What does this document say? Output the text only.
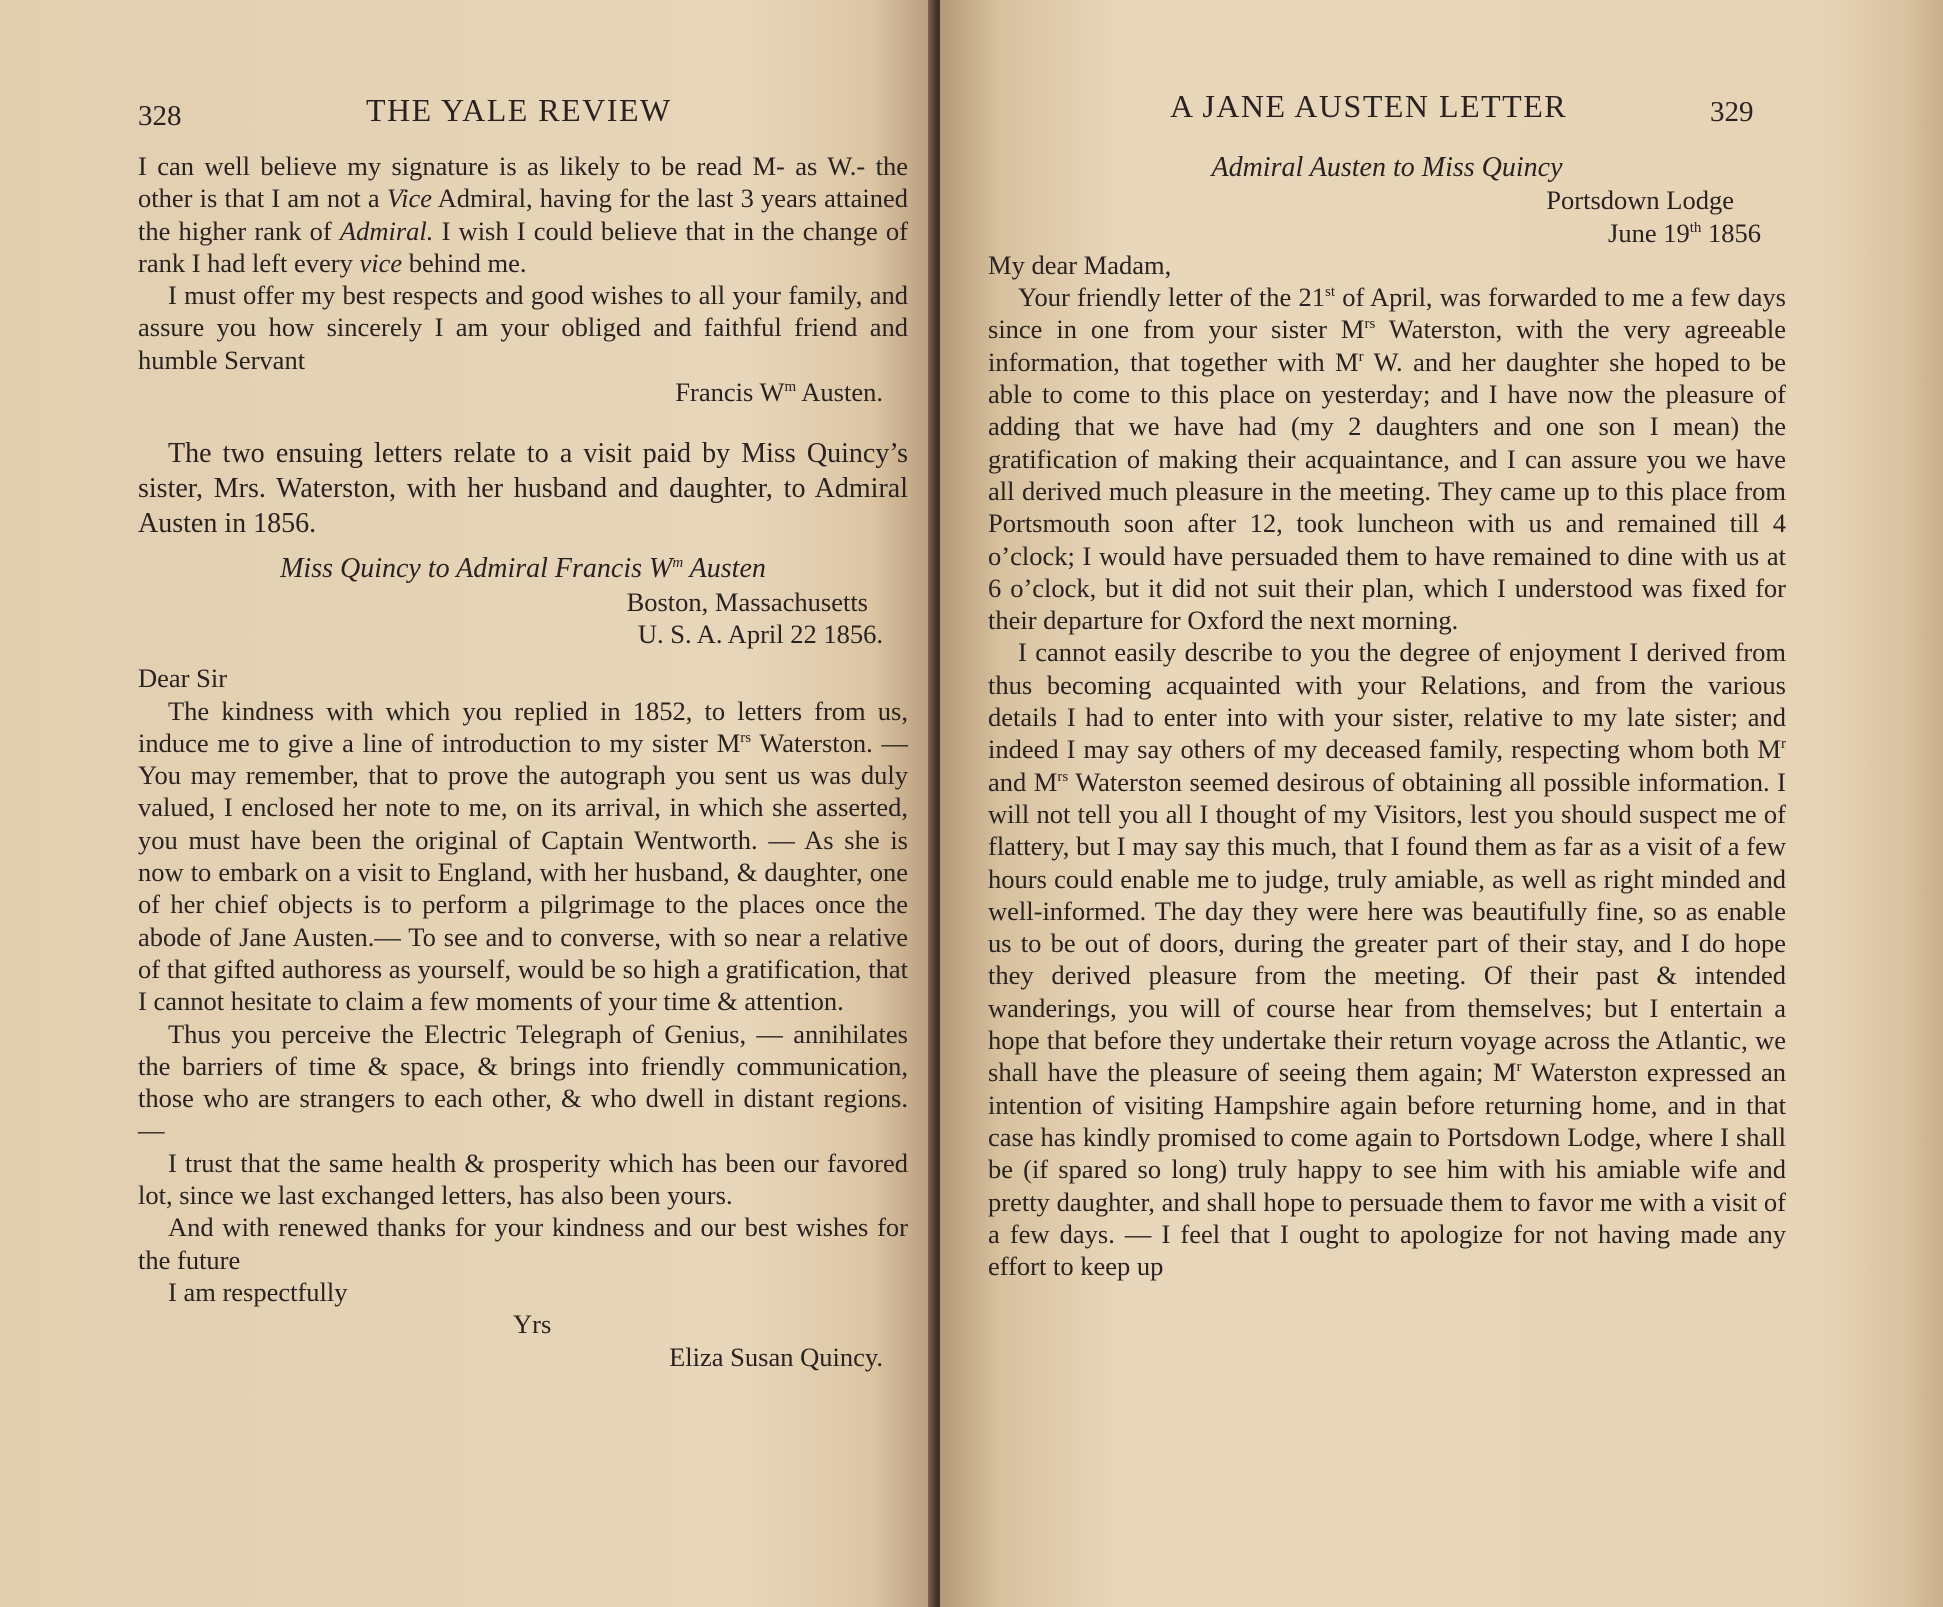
328	THE YALE REVIEW

I can well believe my signature is as likely to be read M- as W.- the other is that I am not a Vice Admiral, having for the last 3 years attained the higher rank of Admiral. I wish I could believe that in the change of rank I had left every vice behind me.

I must offer my best respects and good wishes to all your family, and assure you how sincerely I am your obliged and faithful friend and humble Servant

Francis $W^m$ Austen.

The two ensuing letters relate to a visit paid by Miss Quincy’s sister, Mrs. Waterston, with her husband and daughter, to Admiral Austen in 1856.

Miss Quincy to Admiral Francis $W^m$ Austen

Boston, Massachusetts

U. S. A. April 22 1856.

Dear Sir

The kindness with which you replied in 1852, to letters from us, induce me to give a line of introduction to my sister $M^{rs}$ Waterston. — You may remember, that to prove the autograph you sent us was duly valued, I enclosed her note to me, on its arrival, in which she asserted, you must have been the original of Captain Wentworth. — As she is now to embark on a visit to England, with her husband, & daughter, one of her chief objects is to perform a pilgrimage to the places once the abode of Jane Austen.— To see and to converse, with so near a relative of that gifted authoress as yourself, would be so high a gratification, that I cannot hesitate to claim a few moments of your time & attention.

Thus you perceive the Electric Telegraph of Genius, — annihilates the barriers of time & space, & brings into friendly communication, those who are strangers to each other, & who dwell in distant regions. —

I trust that the same health & prosperity which has been our favored lot, since we last exchanged letters, has also been yours.

And with renewed thanks for your kindness and our best wishes for the future

I am respectfully

Yrs

Eliza Susan Quincy.

A JANE AUSTEN LETTER	329

Admiral Austen to Miss Quincy

Portsdown Lodge

June 19th 1856

My dear Madam,

Your friendly letter of the 21st of April, was forwarded to me a few days since in one from your sister $M^{rs}$ Waterston, with the very agreeable information, that together with $M^r$ W. and her daughter she hoped to be able to come to this place on yesterday; and I have now the pleasure of adding that we have had (my 2 daughters and one son I mean) the gratification of making their acquaintance, and I can assure you we have all derived much pleasure in the meeting. They came up to this place from Portsmouth soon after 12, took luncheon with us and remained till 4 o’clock; I would have persuaded them to have remained to dine with us at 6 o’clock, but it did not suit their plan, which I understood was fixed for their departure for Oxford the next morning.

I cannot easily describe to you the degree of enjoyment I derived from thus becoming acquainted with your Relations, and from the various details I had to enter into with your sister, relative to my late sister; and indeed I may say others of my deceased family, respecting whom both $M^r$ and $M^{rs}$ Waterston seemed desirous of obtaining all possible information. I will not tell you all I thought of my Visitors, lest you should suspect me of flattery, but I may say this much, that I found them as far as a visit of a few hours could enable me to judge, truly amiable, as well as right minded and well-informed. The day they were here was beautifully fine, so as enable us to be out of doors, during the greater part of their stay, and I do hope they derived pleasure from the meeting. Of their past & intended wanderings, you will of course hear from themselves; but I entertain a hope that before they undertake their return voyage across the Atlantic, we shall have the pleasure of seeing them again; $M^r$ Waterston expressed an intention of visiting Hampshire again before returning home, and in that case has kindly promised to come again to Portsdown Lodge, where I shall be (if spared so long) truly happy to see him with his amiable wife and pretty daughter, and shall hope to persuade them to favor me with a visit of a few days. — I feel that I ought to apologize for not having made any effort to keep up
